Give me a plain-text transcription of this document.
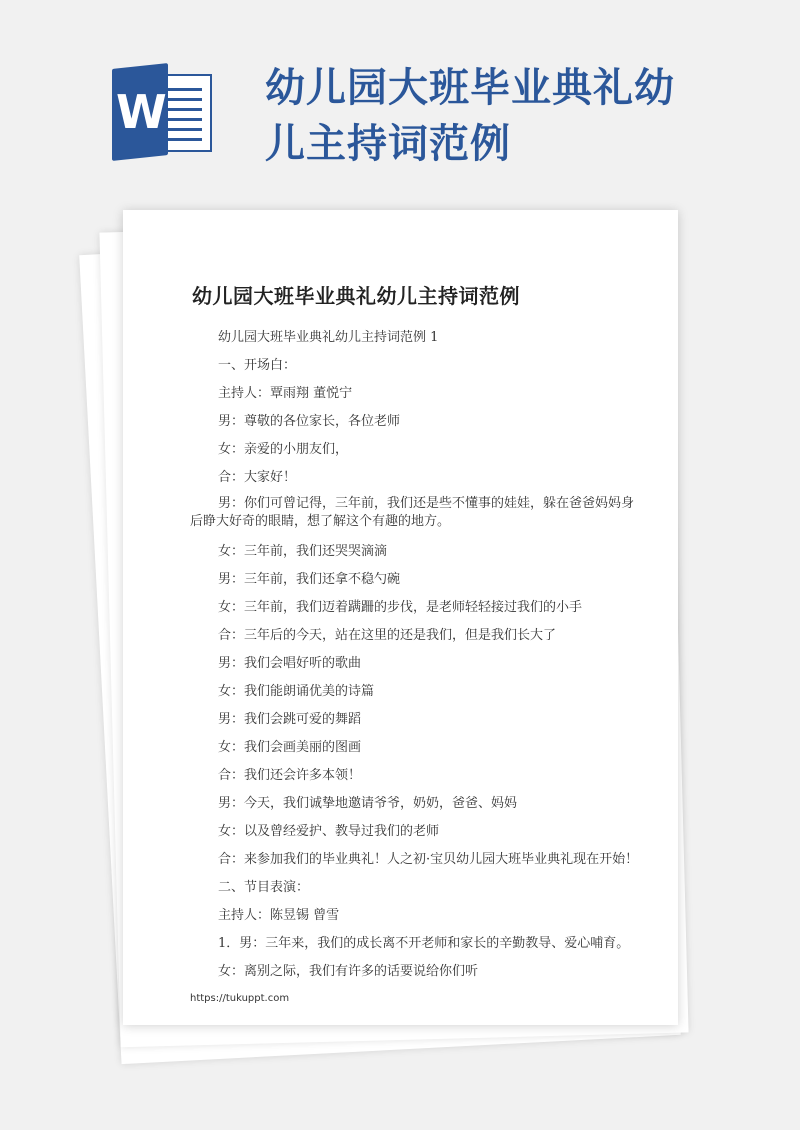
W 幼儿园大班毕业典礼幼儿主持词范例
幼儿园大班毕业典礼幼儿主持词范例

幼儿园大班毕业典礼幼儿主持词范例 1

一、开场白：

主持人：覃雨翔 董悦宁

男：尊敬的各位家长，各位老师

女：亲爱的小朋友们，

合：大家好！

男：你们可曾记得，三年前，我们还是些不懂事的娃娃，躲在爸爸妈妈身后睁大好奇的眼睛，想了解这个有趣的地方。

女：三年前，我们还哭哭滴滴

男：三年前，我们还拿不稳勺碗

女：三年前，我们迈着蹒跚的步伐，是老师轻轻接过我们的小手

合：三年后的今天，站在这里的还是我们，但是我们长大了

男：我们会唱好听的歌曲

女：我们能朗诵优美的诗篇

男：我们会跳可爱的舞蹈

女：我们会画美丽的图画

合：我们还会许多本领！

男：今天，我们诚挚地邀请爷爷，奶奶，爸爸、妈妈

女：以及曾经爱护、教导过我们的老师

合：来参加我们的毕业典礼！人之初·宝贝幼儿园大班毕业典礼现在开始！

二、节目表演：

主持人：陈昱锡 曾雪

1．男：三年来，我们的成长离不开老师和家长的辛勤教导、爱心哺育。

女：离别之际，我们有许多的话要说给你们听

https://tukuppt.com
